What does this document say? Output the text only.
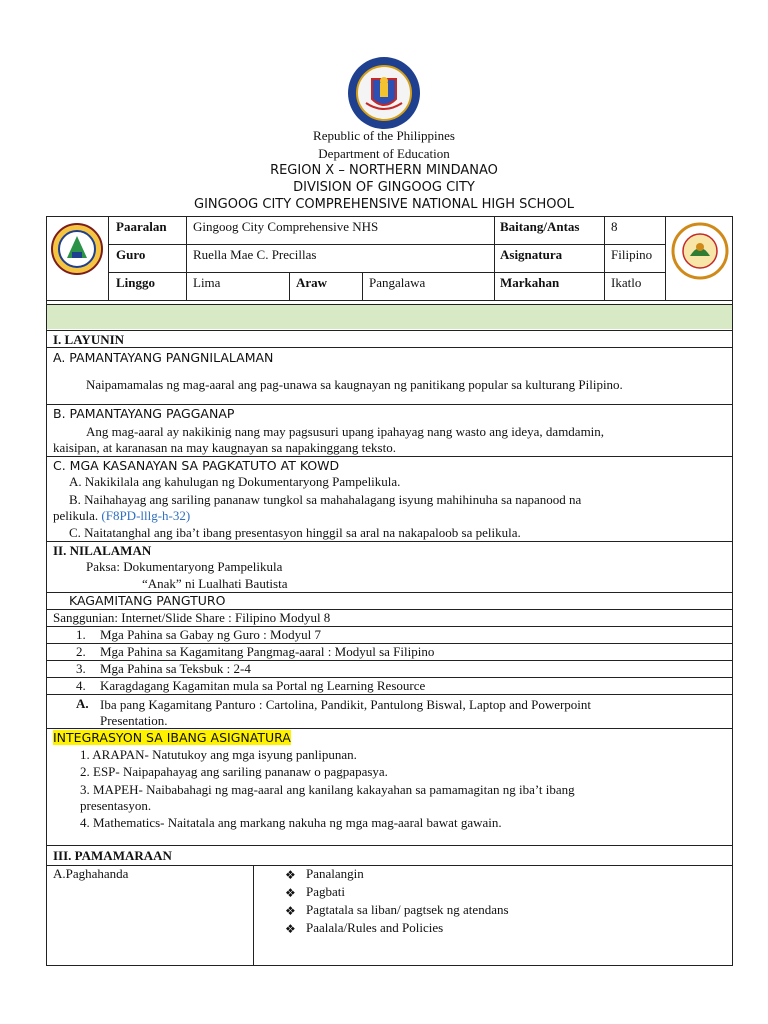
Republic of the Philippines
Department of Education
REGION X – NORTHERN MINDANAO
DIVISION OF GINGOOG CITY
GINGOOG CITY COMPREHENSIVE NATIONAL HIGH SCHOOL
Paaralan Gingoog City Comprehensive NHS	Baitang/Antas 8
Guro	Ruella Mae C. Precillas	Asignatura	Filipino
Linggo	Lima	Araw	Pangalawa	Markahan	Ikatlo
I. LAYUNIN
A. PAMANTAYANG PANGNILALAMAN
Naipamamalas ng mag-aaral ang pag-unawa sa kaugnayan ng panitikang popular sa kulturang Pilipino.
B. PAMANTAYANG PAGGANAP
Ang mag-aaral ay nakikinig nang may pagsusuri upang ipahayag nang wasto ang ideya, damdamin,
kaisipan, at karanasan na may kaugnayan sa napakinggang teksto.
C. MGA KASANAYAN SA PAGKATUTO AT KOWD
A. Nakikilala ang kahulugan ng Dokumentaryong Pampelikula.
B. Naihahayag ang sariling pananaw tungkol sa mahahalagang isyung mahihinuha sa napanood na
pelikula. (F8PD-lllg-h-32)
C. Naitatanghal ang iba’t ibang presentasyon hinggil sa aral na nakapaloob sa pelikula.
II. NILALAMAN
Paksa: Dokumentaryong Pampelikula
“Anak” ni Lualhati Bautista
KAGAMITANG PANGTURO
Sanggunian: Internet/Slide Share : Filipino Modyul 8
1. Mga Pahina sa Gabay ng Guro : Modyul 7
2. Mga Pahina sa Kagamitang Pangmag-aaral : Modyul sa Filipino
3. Mga Pahina sa Teksbuk : 2-4
4. Karagdagang Kagamitan mula sa Portal ng Learning Resource
A. Iba pang Kagamitang Panturo : Cartolina, Pandikit, Pantulong Biswal, Laptop and Powerpoint
Presentation.
INTEGRASYON SA IBANG ASIGNATURA
1. ARAPAN- Natutukoy ang mga isyung panlipunan.
2. ESP- Naipapahayag ang sariling pananaw o pagpapasya.
3. MAPEH- Naibabahagi ng mag-aaral ang kanilang kakayahan sa pamamagitan ng iba’t ibang
presentasyon.
4. Mathematics- Naitatala ang markang nakuha ng mga mag-aaral bawat gawain.
III. PAMAMARAAN
A.Paghahanda	❖ Panalangin
❖ Pagbati
❖ Pagtatala sa liban/ pagtsek ng atendans
❖ Paalala/Rules and Policies
